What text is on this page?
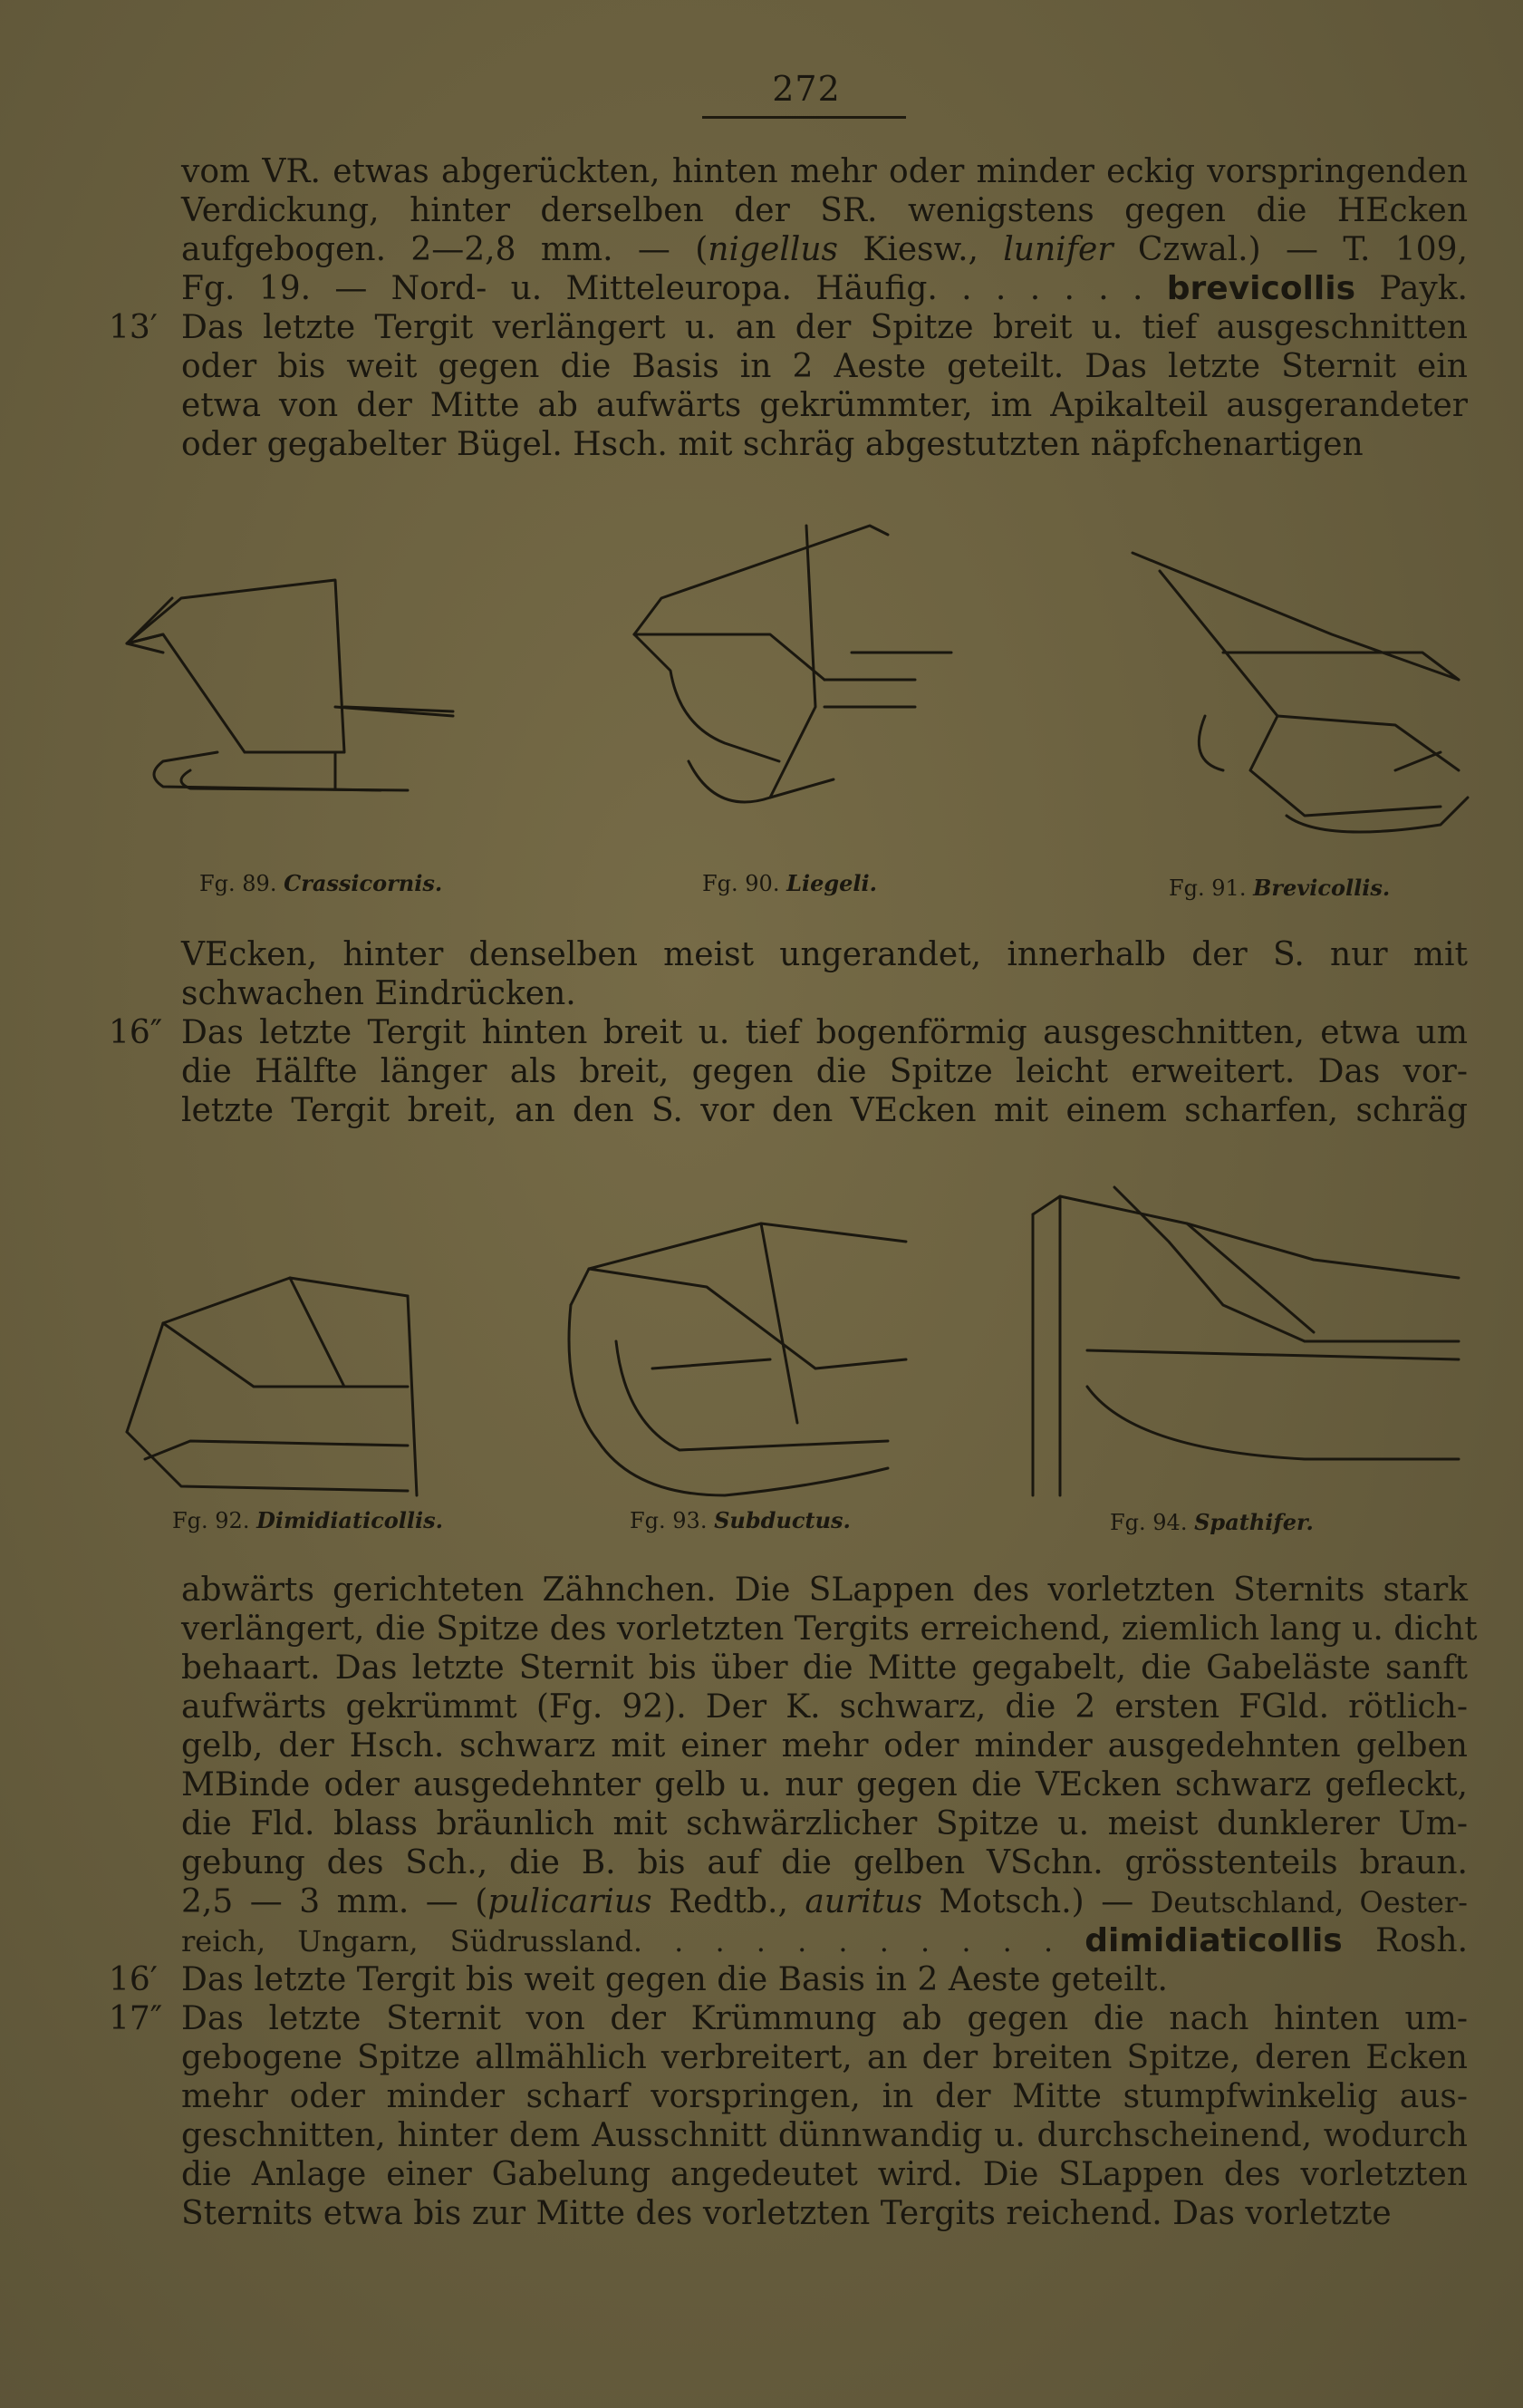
272
vom VR. etwas abgerückten, hinten mehr oder minder eckig vorspringenden
Verdickung, hinter derselben der SR. wenigstens gegen die HEcken
aufgebogen. 2—2,8 mm. — (nigellus Kiesw., lunifer Czwal.) — T. 109,
Fg. 19. — Nord- u. Mitteleuropa. Häufig. . . . . . . brevicollis Payk.
13′ Das letzte Tergit verlängert u. an der Spitze breit u. tief ausgeschnitten
oder bis weit gegen die Basis in 2 Aeste geteilt. Das letzte Sternit ein
etwa von der Mitte ab aufwärts gekrümmter, im Apikalteil ausgerandeter
oder gegabelter Bügel. Hsch. mit schräg abgestutzten näpfchenartigen
Fg. 89. Crassicornis.	Fg. 90. Liegeli.	Fg. 91. Brevicollis.
VEcken, hinter denselben meist ungerandet, innerhalb der S. nur mit
schwachen Eindrücken.
16″ Das letzte Tergit hinten breit u. tief bogenförmig ausgeschnitten, etwa um
die Hälfte länger als breit, gegen die Spitze leicht erweitert. Das vor-
letzte Tergit breit, an den S. vor den VEcken mit einem scharfen, schräg
Fg. 92. Dimidiaticollis.	Fg. 93. Subductus.	Fg. 94. Spathifer.
abwärts gerichteten Zähnchen. Die SLappen des vorletzten Sternits stark
verlängert, die Spitze des vorletzten Tergits erreichend, ziemlich lang u. dicht
behaart. Das letzte Sternit bis über die Mitte gegabelt, die Gabeläste sanft
aufwärts gekrümmt (Fg. 92). Der K. schwarz, die 2 ersten FGld. rötlich-
gelb, der Hsch. schwarz mit einer mehr oder minder ausgedehnten gelben
MBinde oder ausgedehnter gelb u. nur gegen die VEcken schwarz gefleckt,
die Fld. blass bräunlich mit schwärzlicher Spitze u. meist dunklerer Um-
gebung des Sch., die B. bis auf die gelben VSchn. grösstenteils braun.
2,5 — 3 mm. — (pulicarius Redtb., auritus Motsch.) — Deutschland, Oester-
reich, Ungarn, Südrussland. . . . . . . . . . . dimidiaticollis Rosh.
16′ Das letzte Tergit bis weit gegen die Basis in 2 Aeste geteilt.
17″ Das letzte Sternit von der Krümmung ab gegen die nach hinten um-
gebogene Spitze allmählich verbreitert, an der breiten Spitze, deren Ecken
mehr oder minder scharf vorspringen, in der Mitte stumpfwinkelig aus-
geschnitten, hinter dem Ausschnitt dünnwandig u. durchscheinend, wodurch
die Anlage einer Gabelung angedeutet wird. Die SLappen des vorletzten
Sternits etwa bis zur Mitte des vorletzten Tergits reichend. Das vorletzte
